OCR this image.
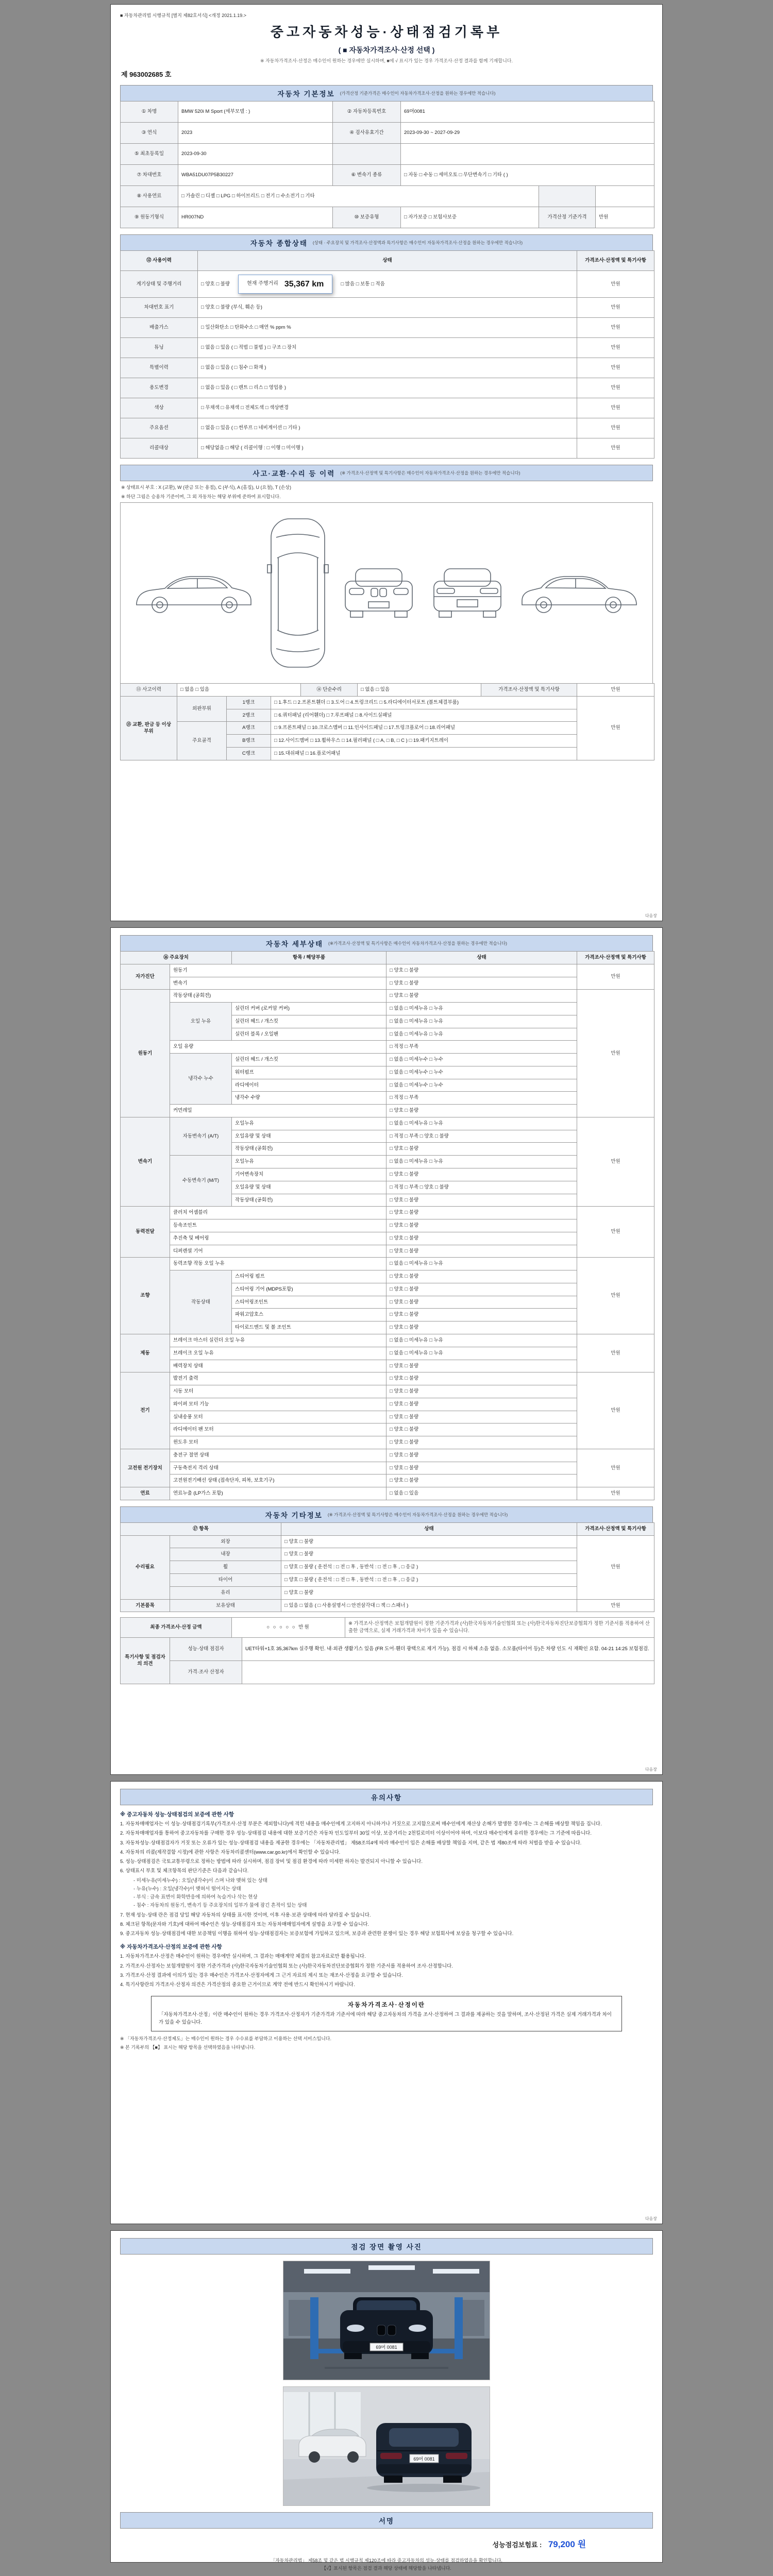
■ 자동차관리법 시행규칙 [별지 제82호서식] <개정 2021.1.19.>
중고자동차성능·상태점검기록부
( ■ 자동차가격조사·산정 선택 )
※ 자동차가격조사·산정은 매수인이 원하는 경우에만 실시하며, ■에 √ 표시가 있는 경우 가격조사·산정 결과를 함께 기재합니다.
제 963002685 호
자동차 기본정보 (가격산정 기준가격은 매수인이 자동차가격조사·산정을 원하는 경우에만 적습니다)
① 차명	BMW 520i M Sport (세부모델 : )	② 자동차등록번호	69머0081		
③ 연식	2023	④ 검사유효기간	2023-09-30 ~ 2027-09-29		
⑤ 최초등록일	2023-09-30				
⑦ 차대번호	WBA51DU07P5B30227	⑥ 변속기 종류	□ 자동 □ 수동 □ 세미오토 □ 무단변속기 □ 기타 ( )		
⑧ 사용연료	□ 가솔린 □ 디젤 □ LPG □ 하이브리드 □ 전기 □ 수소전기 □ 기타				
⑨ 원동기형식	HR007ND	⑩ 보증유형	□ 자가보증 □ 보험사보증	가격산정 기준가격	만원
자동차 종합상태 (상태 · 주요장치 및 가격조사·산정액과 특기사항은 매수인이 자동차가격조사·산정을 원하는 경우에만 적습니다)
⑫ 사용이력	상태	가격조사·산정액 및 특기사항
계기상태 및 주행거리	□ 양호 □ 불량 현재 주행거리 35,367 km □ 많음 □ 보통 □ 적음	만원
차대번호 표기	□ 양호 □ 불량 (부식, 훼손 등)	만원
배출가스	□ 일산화탄소 □ 탄화수소 □ 매연 % ppm %	만원
튜닝	□ 없음 □ 있음 ( □ 적법 □ 불법 ) □ 구조 □ 장치	만원
특별이력	□ 없음 □ 있음 ( □ 침수 □ 화재 )	만원
용도변경	□ 없음 □ 있음 ( □ 렌트 □ 리스 □ 영업용 )	만원
색상	□ 무채색 □ 유채색 □ 전체도색 □ 색상변경	만원
주요옵션	□ 없음 □ 있음 ( □ 썬루프 □ 네비게이션 □ 기타 )	만원
리콜대상	□ 해당없음 □ 해당 ( 리콜이행 : □ 이행 □ 미이행 )	만원
사고·교환·수리 등 이력 (※ 가격조사·산정액 및 특기사항은 매수인이 자동차가격조사·산정을 원하는 경우에만 적습니다)
※ 상태표시 부호 : X (교환), W (판금 또는 용접), C (부식), A (흠집), U (요철), T (손상)
※ 하단 그림은 승용차 기준이며, 그 외 자동차는 해당 부위에 준하여 표시합니다.
⑬ 사고이력	□ 없음 □ 있음	⑭ 단순수리	□ 없음 □ 있음	가격조사·산정액 및 특기사항	만원
⑮ 교환, 판금 등 이상 부위	외판부위	1랭크	□ 1.후드 □ 2.프론트휀더 □ 3.도어 □ 4.트렁크리드 □ 5.라디에이터서포트 (볼트체결부품)	만원
		2랭크	□ 6.쿼터패널 (리어휀더) □ 7.루프패널 □ 8.사이드실패널	
	주요골격	A랭크	□ 9.프론트패널 □ 10.크로스멤버 □ 11.인사이드패널 □ 17.트렁크플로어 □ 18.리어패널	
		B랭크	□ 12.사이드멤버 □ 13.휠하우스 □ 14.필러패널 ( □ A, □ B, □ C ) □ 19.패키지트레이	
		C랭크	□ 15.대쉬패널 □ 16.플로어패널	
다음장
자동차 세부상태 (※가격조사·산정액 및 특기사항은 매수인이 자동차가격조사·산정을 원하는 경우에만 적습니다)
⑯ 주요장치		항목 / 해당부품	상태	가격조사·산정액 및 특기사항
자가진단	원동기		□ 양호 □ 불량	만원
	변속기		□ 양호 □ 불량	
원동기	작동상태 (공회전)		□ 양호 □ 불량	만원
	오일 누유	실린더 커버 (로커암 커버)	□ 없음 □ 미세누유 □ 누유	
		실린더 헤드 / 개스킷	□ 없음 □ 미세누유 □ 누유	
		실린더 블록 / 오일팬	□ 없음 □ 미세누유 □ 누유	
	오일 유량		□ 적정 □ 부족	
	냉각수 누수	실린더 헤드 / 개스킷	□ 없음 □ 미세누수 □ 누수	
		워터펌프	□ 없음 □ 미세누수 □ 누수	
		라디에이터	□ 없음 □ 미세누수 □ 누수	
		냉각수 수량	□ 적정 □ 부족	
	커먼레일		□ 양호 □ 불량	
변속기	자동변속기 (A/T)	오일누유	□ 없음 □ 미세누유 □ 누유	만원
		오일유량 및 상태	□ 적정 □ 부족 □ 양호 □ 불량	
		작동상태 (공회전)	□ 양호 □ 불량	
	수동변속기 (M/T)	오일누유	□ 없음 □ 미세누유 □ 누유	
		기어변속장치	□ 양호 □ 불량	
		오일유량 및 상태	□ 적정 □ 부족 □ 양호 □ 불량	
		작동상태 (공회전)	□ 양호 □ 불량	
동력전달	클러치 어셈블리		□ 양호 □ 불량	만원
	등속조인트		□ 양호 □ 불량	
	추진축 및 베어링		□ 양호 □ 불량	
	디퍼렌셜 기어		□ 양호 □ 불량	
조향	동력조향 작동 오일 누유		□ 없음 □ 미세누유 □ 누유	만원
	작동상태	스티어링 펌프	□ 양호 □ 불량	
		스티어링 기어 (MDPS포함)	□ 양호 □ 불량	
		스티어링조인트	□ 양호 □ 불량	
		파워고압호스	□ 양호 □ 불량	
		타이로드엔드 및 볼 조인트	□ 양호 □ 불량	
제동	브레이크 마스터 실린더 오일 누유		□ 없음 □ 미세누유 □ 누유	만원
	브레이크 오일 누유		□ 없음 □ 미세누유 □ 누유	
	배력장치 상태		□ 양호 □ 불량	
전기	발전기 출력		□ 양호 □ 불량	만원
	시동 모터		□ 양호 □ 불량	
	와이퍼 모터 기능		□ 양호 □ 불량	
	실내송풍 모터		□ 양호 □ 불량	
	라디에이터 팬 모터		□ 양호 □ 불량	
	윈도우 모터		□ 양호 □ 불량	
고전원 전기장치	충전구 절연 상태		□ 양호 □ 불량	만원
	구동축전지 격리 상태		□ 양호 □ 불량	
	고전원전기배선 상태 (접속단자, 피복, 보호기구)		□ 양호 □ 불량	
연료	연료누출 (LP가스 포함)		□ 없음 □ 있음	만원
자동차 기타정보 (※ 가격조사·산정액 및 특기사항은 매수인이 자동차가격조사·산정을 원하는 경우에만 적습니다)
⑰ 항목		상태	가격조사·산정액 및 특기사항
수리필요	외장	□ 양호 □ 불량	만원
	내장	□ 양호 □ 불량	
	휠	□ 양호 □ 불량 ( 운전석 : □ 전 □ 후 , 동반석 : □ 전 □ 후 , □ 응급 )	
	타이어	□ 양호 □ 불량 ( 운전석 : □ 전 □ 후 , 동반석 : □ 전 □ 후 , □ 응급 )	
	유리	□ 양호 □ 불량	
기본품목	보유상태	□ 있음 □ 없음 ( □ 사용설명서 □ 안전삼각대 □ 잭 □ 스패너 )	만원
최종 가격조사·산정 금액	○ ○ ○ ○ ○ 만원	※ 가격조사·산정액은 보험개발원이 정한 기준가격과 (사)한국자동차기술인협회 또는 (사)한국자동차진단보증협회가 정한 기준서를 적용하여 산출한 금액으로, 실제 거래가격과 차이가 있을 수 있습니다.
특기사항 및 점검자의 의견	성능·상태 점검자	UET타워+1호 35,367km 실주행 확인. 내·외관 생활기스 있음 (FR 도어·휀더 광택으로 제거 가능). 점검 시 하체 소음 없음. 소모품(타이어 등)은 차량 인도 시 재확인 요함. 04-21 14:25 보험점검.
	가격·조사 산정자	
다음장
유의사항
※ 중고자동차 성능·상태점검의 보증에 관한 사항
1. 자동차매매업자는 이 성능·상태점검기록부(가격조사·산정 부분은 제외합니다)에 적힌 내용을 매수인에게 고지하지 아니하거나 거짓으로 고지함으로써 매수인에게 재산상 손해가 발생한 경우에는 그 손해를 배상할 책임을 집니다.
2. 자동차매매업자를 통하여 중고자동차를 구매한 경우 성능·상태점검 내용에 대한 보증기간은 자동차 인도일부터 30일 이상, 보증거리는 2천킬로미터 이상이어야 하며, 이보다 매수인에게 유리한 경우에는 그 기준에 따릅니다.
3. 자동차성능·상태점검자가 거짓 또는 오류가 있는 성능·상태점검 내용을 제공한 경우에는 「자동차관리법」 제58조의4에 따라 매수인이 입은 손해를 배상할 책임을 지며, 같은 법 제80조에 따라 처벌을 받을 수 있습니다.
4. 자동차의 리콜(제작결함 시정)에 관한 사항은 자동차리콜센터(www.car.go.kr)에서 확인할 수 있습니다.
5. 성능·상태점검은 국토교통부령으로 정하는 방법에 따라 실시하며, 점검 장비 및 점검 환경에 따라 미세한 하자는 발견되지 아니할 수 있습니다.
6. 상태표시 부호 및 체크항목의 판단기준은 다음과 같습니다.
- 미세누유(미세누수) : 오일(냉각수)이 스며 나와 맺혀 있는 상태
- 누유(누수) : 오일(냉각수)이 맺혀서 떨어지는 상태
- 부식 : 금속 표면이 화학반응에 의하여 녹슬거나 삭는 현상
- 침수 : 자동차의 원동기, 변속기 등 주요장치의 일부가 물에 잠긴 흔적이 있는 상태
7. 현재 성능·상태 란은 점검 당일 해당 자동차의 상태를 표시한 것이며, 이후 사용·보관 상태에 따라 달라질 수 있습니다.
8. 체크된 항목(문자와 기호)에 대하여 매수인은 성능·상태점검자 또는 자동차매매업자에게 설명을 요구할 수 있습니다.
9. 중고자동차 성능·상태점검에 대한 보증책임 이행을 위하여 성능·상태점검자는 보증보험에 가입하고 있으며, 보증과 관련한 분쟁이 있는 경우 해당 보험회사에 보상을 청구할 수 있습니다.
※ 자동차가격조사·산정의 보증에 관한 사항
1. 자동차가격조사·산정은 매수인이 원하는 경우에만 실시하며, 그 결과는 매매계약 체결의 참고자료로만 활용됩니다.
2. 가격조사·산정자는 보험개발원이 정한 기준가격과 (사)한국자동차기술인협회 또는 (사)한국자동차진단보증협회가 정한 기준서를 적용하여 조사·산정합니다.
3. 가격조사·산정 결과에 이의가 있는 경우 매수인은 가격조사·산정자에게 그 근거 자료의 제시 또는 재조사·산정을 요구할 수 있습니다.
4. 특기사항란의 가격조사·산정자 의견은 가격산정의 중요한 근거이므로 계약 전에 반드시 확인하시기 바랍니다.
자동차가격조사·산정이란
「자동차가격조사·산정」이란 매수인이 원하는 경우 가격조사·산정자가 기준가격과 기준서에 따라 해당 중고자동차의 가격을 조사·산정하여 그 결과를 제공하는 것을 말하며, 조사·산정된 가격은 실제 거래가격과 차이가 있을 수 있습니다.
※ 「자동차가격조사·산정제도」는 매수인이 원하는 경우 수수료를 부담하고 이용하는 선택 서비스입니다.
※ 본 기록부의 【■】 표시는 해당 항목을 선택하였음을 나타냅니다.
다음장
점검 장면 촬영 사진
69머 0081
69머 0081
서명
성능점검보험료 : 79,200 원
「자동차관리법」 제58조 및 같은 법 시행규칙 제120조에 따라 중고자동차의 성능·상태를 점검하였음을 확인합니다.
【√】표시된 항목은 점검 결과 해당 상태에 해당함을 나타냅니다.
